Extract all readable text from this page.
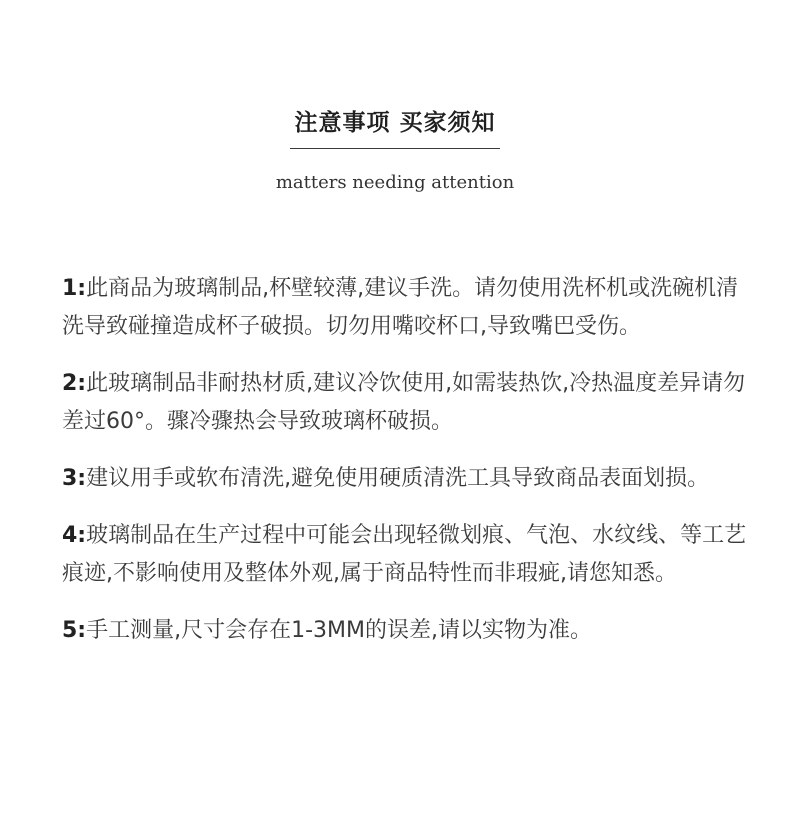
注意事项 买家须知
matters needing attention

1:此商品为玻璃制品,杯壁较薄,建议手洗。请勿使用洗杯机或洗碗机清洗导致碰撞造成杯子破损。切勿用嘴咬杯口,导致嘴巴受伤。

2:此玻璃制品非耐热材质,建议冷饮使用,如需装热饮,冷热温度差异请勿差过60°。骤冷骤热会导致玻璃杯破损。

3:建议用手或软布清洗,避免使用硬质清洗工具导致商品表面划损。

4:玻璃制品在生产过程中可能会出现轻微划痕、气泡、水纹线、等工艺痕迹,不影响使用及整体外观,属于商品特性而非瑕疵,请您知悉。

5:手工测量,尺寸会存在1-3MM的误差,请以实物为准。
